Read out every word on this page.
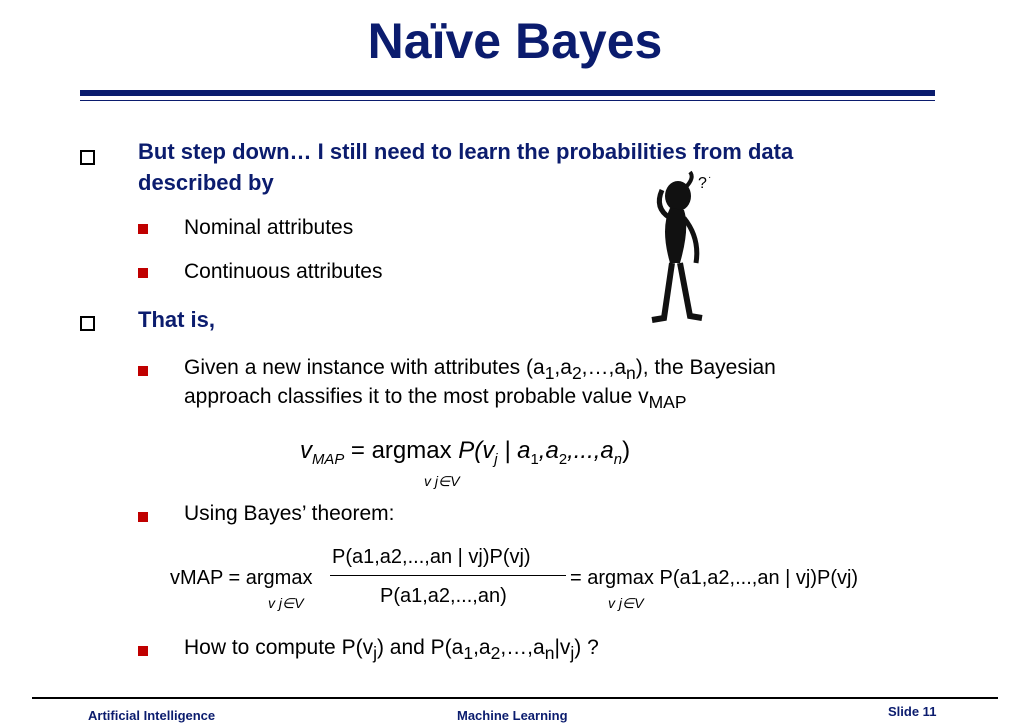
Naïve Bayes
But step down… I still need to learn the probabilities from data
described by
Nominal attributes
Continuous attributes
That is,
Given a new instance with attributes $(a_1,a_2,\dots,a_n)$, the Bayesian
approach classifies it to the most probable value $v_{MAP}$
$v_{MAP} = argmax$ $P(v_j$ | $a_1,a_2,...,a_n$)
v j∈V
Using Bayes’ theorem:
vMAP = argmax
v j∈V
P(a1,a2,...,an | vj)P(vj)
P(a1,a2,...,an)
= argmax P(a1,a2,...,an | vj)P(vj)
v j∈V
How to compute $P(v_j)$ and $P(a_1,a_2,\dots,a_n|v_j)$ ?
? ·
Artificial Intelligence	Machine Learning	Slide 11
